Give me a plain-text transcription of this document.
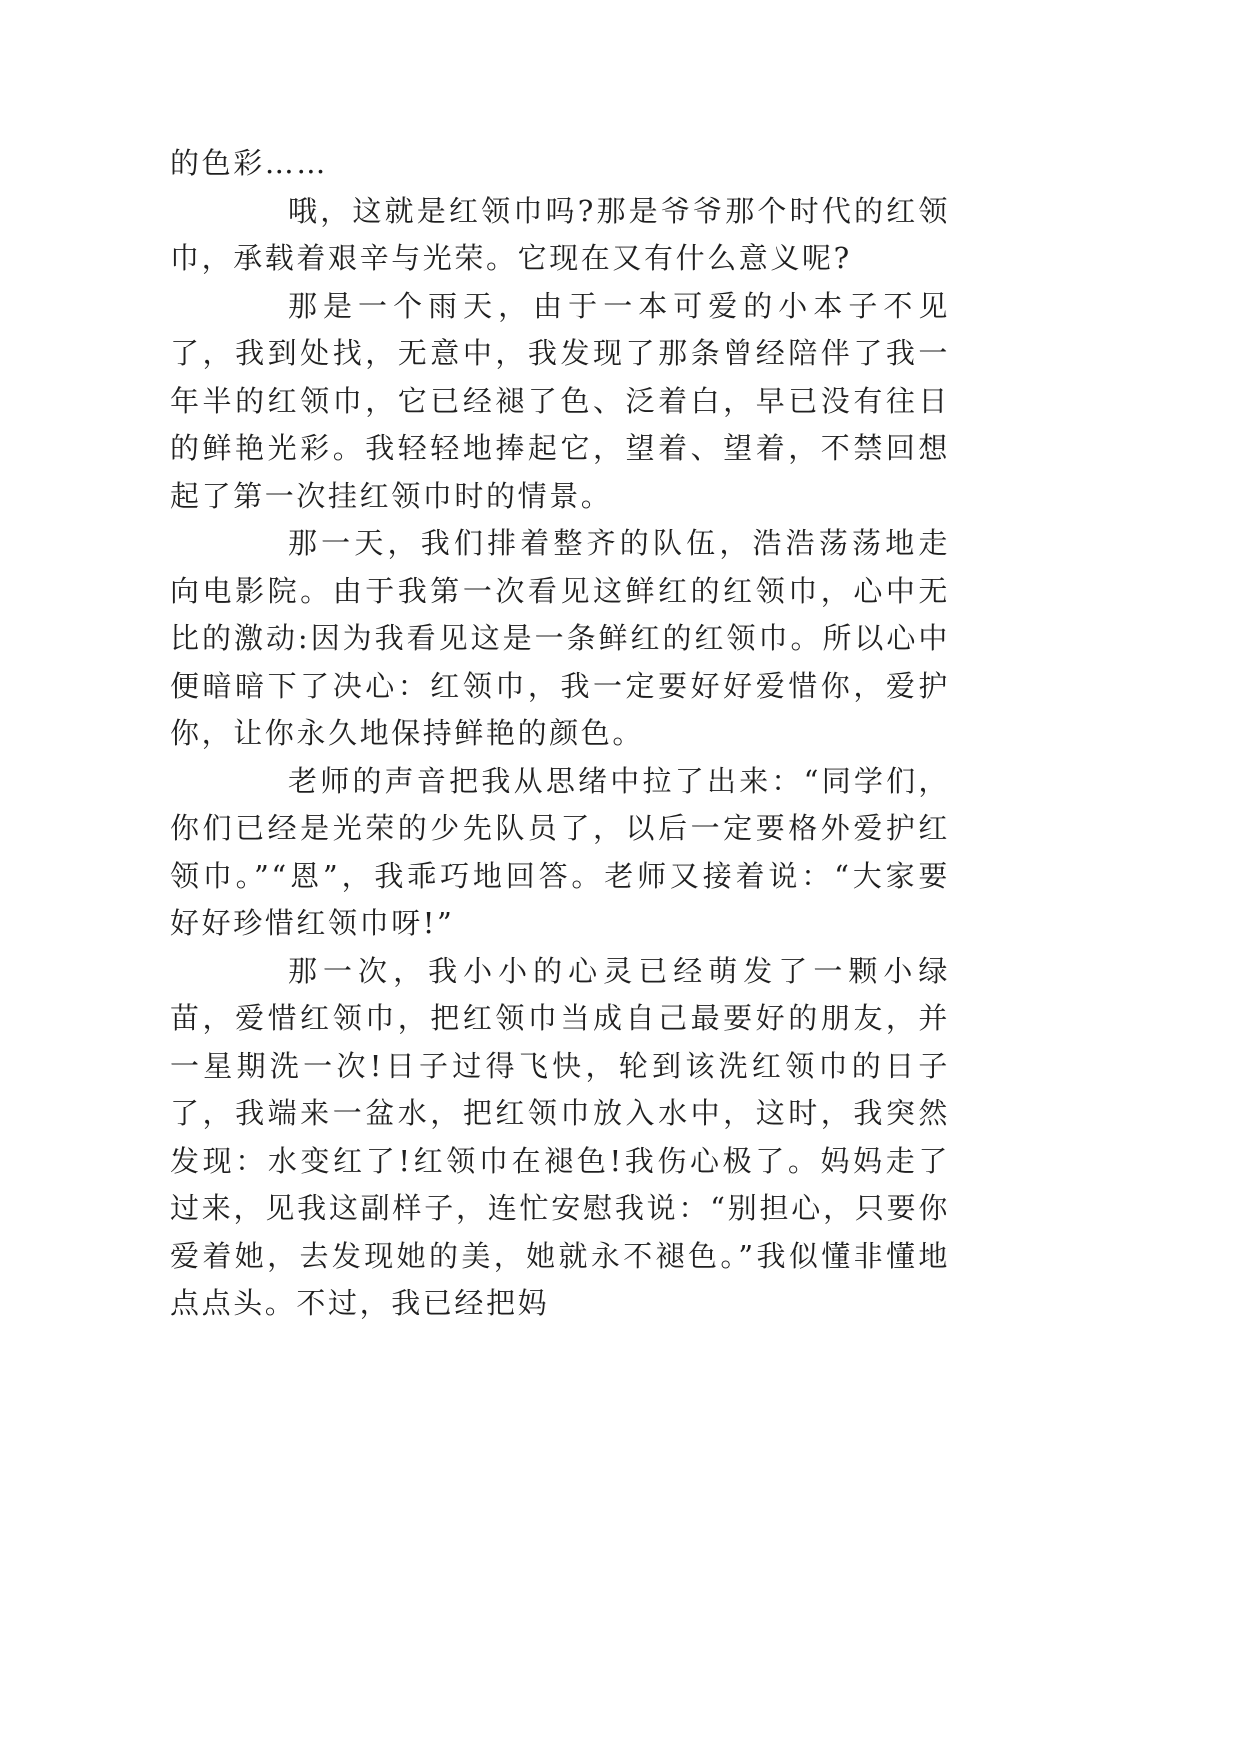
的色彩……

哦，这就是红领巾吗?那是爷爷那个时代的红领巾，承载着艰辛与光荣。它现在又有什么意义呢?

那是一个雨天，由于一本可爱的小本子不见了，我到处找，无意中，我发现了那条曾经陪伴了我一年半的红领巾，它已经褪了色、泛着白，早已没有往日的鲜艳光彩。我轻轻地捧起它，望着、望着，不禁回想起了第一次挂红领巾时的情景。

那一天，我们排着整齐的队伍，浩浩荡荡地走向电影院。由于我第一次看见这鲜红的红领巾，心中无比的激动:因为我看见这是一条鲜红的红领巾。所以心中便暗暗下了决心：红领巾，我一定要好好爱惜你，爱护你，让你永久地保持鲜艳的颜色。

老师的声音把我从思绪中拉了出来：“同学们，你们已经是光荣的少先队员了，以后一定要格外爱护红领巾。”“恩”，我乖巧地回答。老师又接着说：“大家要好好珍惜红领巾呀!”

那一次，我小小的心灵已经萌发了一颗小绿苗，爱惜红领巾，把红领巾当成自己最要好的朋友，并一星期洗一次!日子过得飞快，轮到该洗红领巾的日子了，我端来一盆水，把红领巾放入水中，这时，我突然发现：水变红了!红领巾在褪色!我伤心极了。妈妈走了过来，见我这副样子，连忙安慰我说：“别担心，只要你爱着她，去发现她的美，她就永不褪色。”我似懂非懂地点点头。不过，我已经把妈
